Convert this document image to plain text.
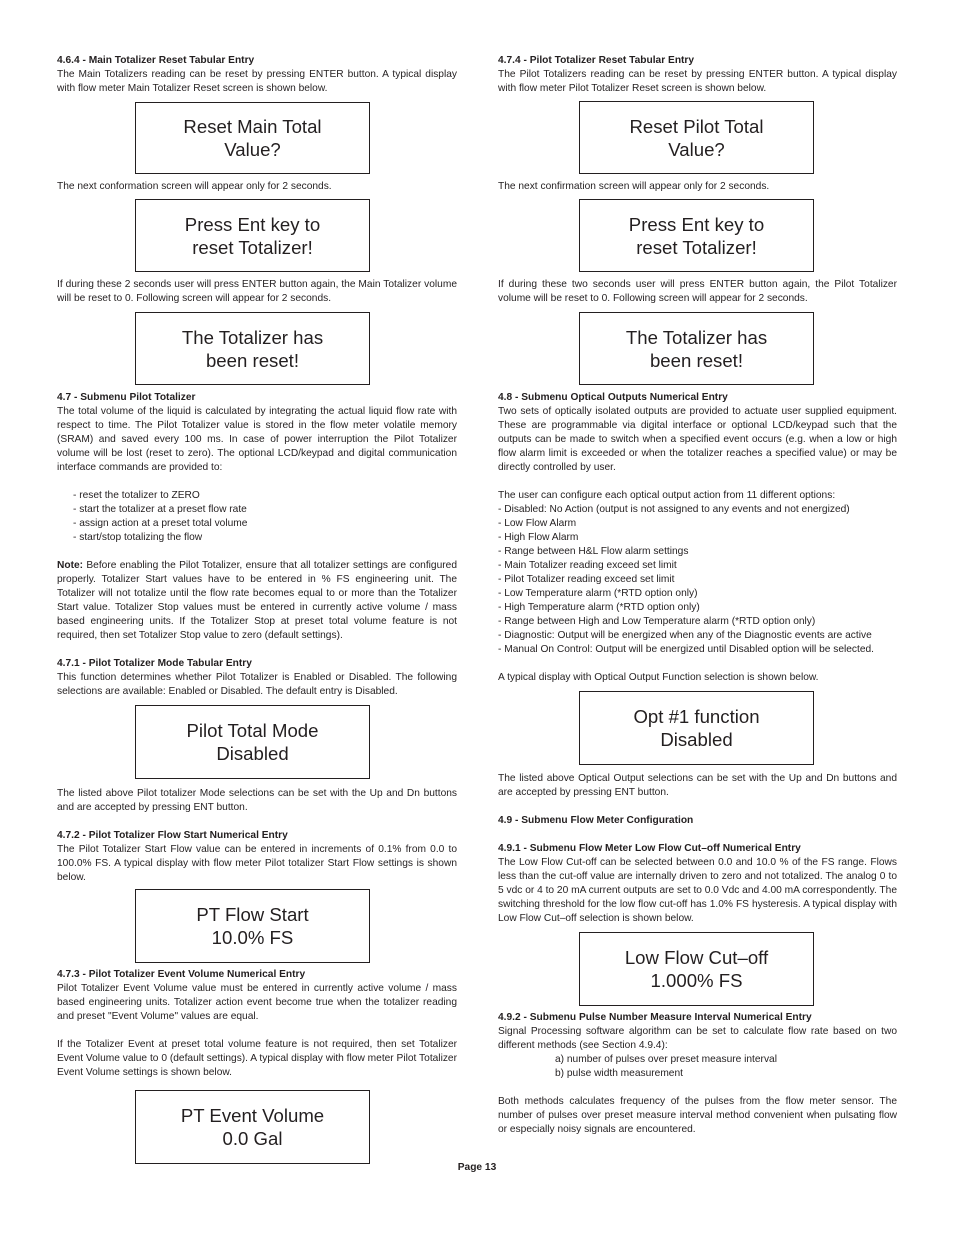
4.6.4 - Main Totalizer Reset Tabular Entry

The Main Totalizers reading can be reset by pressing ENTER button. A typical display with flow meter Main Totalizer Reset screen is shown below.

Reset Main Total
Value?

The next conformation screen will appear only for 2 seconds.

Press Ent key to
reset Totalizer!

If during these 2 seconds user will press ENTER button again, the Main Totalizer volume will be reset to 0. Following screen will appear for 2 seconds.

The Totalizer has
been reset!
4.7 - Submenu Pilot Totalizer

The total volume of the liquid is calculated by integrating the actual liquid flow rate with respect to time. The Pilot Totalizer value is stored in the flow meter volatile memory (SRAM) and saved every 100 ms. In case of power interruption the Pilot Totalizer volume will be lost (reset to zero). The optional LCD/keypad and digital communication interface commands are provided to:

- reset the totalizer to ZERO
- start the totalizer at a preset flow rate
- assign action at a preset total volume
- start/stop totalizing the flow

Note: Before enabling the Pilot Totalizer, ensure that all totalizer settings are configured properly. Totalizer Start values have to be entered in % FS engineering unit. The Totalizer will not totalize until the flow rate becomes equal to or more than the Totalizer Start value. Totalizer Stop values must be entered in currently active volume / mass based engineering units. If the Totalizer Stop at preset total volume feature is not required, then set Totalizer Stop value to zero (default settings).

4.7.1 - Pilot Totalizer Mode Tabular Entry

This function determines whether Pilot Totalizer is Enabled or Disabled. The following selections are available: Enabled or Disabled. The default entry is Disabled.

Pilot Total Mode
Disabled

The listed above Pilot totalizer Mode selections can be set with the Up and Dn buttons and are accepted by pressing ENT button.

4.7.2 - Pilot Totalizer Flow Start Numerical Entry

The Pilot Totalizer Start Flow value can be entered in increments of 0.1% from 0.0 to 100.0% FS. A typical display with flow meter Pilot totalizer Start Flow settings is shown below.

PT Flow Start
10.0% FS
4.7.3 - Pilot Totalizer Event Volume Numerical Entry

Pilot Totalizer Event Volume value must be entered in currently active volume / mass based engineering units. Totalizer action event become true when the totalizer reading and preset "Event Volume" values are equal.

If the Totalizer Event at preset total volume feature is not required, then set Totalizer Event Volume value to 0 (default settings). A typical display with flow meter Pilot Totalizer Event Volume settings is shown below.

PT Event Volume
0.0 Gal
4.7.4 - Pilot Totalizer Reset Tabular Entry

The Pilot Totalizers reading can be reset by pressing ENTER button. A typical display with flow meter Pilot Totalizer Reset screen is shown below.

Reset Pilot Total
Value?

The next confirmation screen will appear only for 2 seconds.

Press Ent key to
reset Totalizer!

If during these two seconds user will press ENTER button again, the Pilot Totalizer volume will be reset to 0. Following screen will appear for 2 seconds.

The Totalizer has
been reset!
4.8 - Submenu Optical Outputs Numerical Entry

Two sets of optically isolated outputs are provided to actuate user supplied equipment. These are programmable via digital interface or optional LCD/keypad such that the outputs can be made to switch when a specified event occurs (e.g. when a low or high flow alarm limit is exceeded or when the totalizer reaches a specified value) or may be directly controlled by user.

The user can configure each optical output action from 11 different options:

- Disabled: No Action (output is not assigned to any events and not energized)
- Low Flow Alarm
- High Flow Alarm
- Range between H&L Flow alarm settings
- Main Totalizer reading exceed set limit
- Pilot Totalizer reading exceed set limit
- Low Temperature alarm (*RTD option only)
- High Temperature alarm (*RTD option only)
- Range between High and Low Temperature alarm (*RTD option only)
- Diagnostic: Output will be energized when any of the Diagnostic events are active
- Manual On Control: Output will be energized until Disabled option will be selected.

A typical display with Optical Output Function selection is shown below.

Opt #1 function
Disabled

The listed above Optical Output selections can be set with the Up and Dn buttons and are accepted by pressing ENT button.

4.9 - Submenu Flow Meter Configuration
4.9.1 - Submenu Flow Meter Low Flow Cut–off Numerical Entry

The Low Flow Cut-off can be selected between 0.0 and 10.0 % of the FS range. Flows less than the cut-off value are internally driven to zero and not totalized. The analog 0 to 5 vdc or 4 to 20 mA current outputs are set to 0.0 Vdc and 4.00 mA correspondently. The switching threshold for the low flow cut-off has 1.0% FS hysteresis. A typical display with Low Flow Cut–off selection is shown below.

Low Flow Cut–off
1.000% FS
4.9.2 - Submenu Pulse Number Measure Interval Numerical Entry

Signal Processing software algorithm can be set to calculate flow rate based on two different methods (see Section 4.9.4):

a) number of pulses over preset measure interval
b) pulse width measurement

Both methods calculates frequency of the pulses from the flow meter sensor. The number of pulses over preset measure interval method convenient when pulsating flow or especially noisy signals are encountered.

Page 13
